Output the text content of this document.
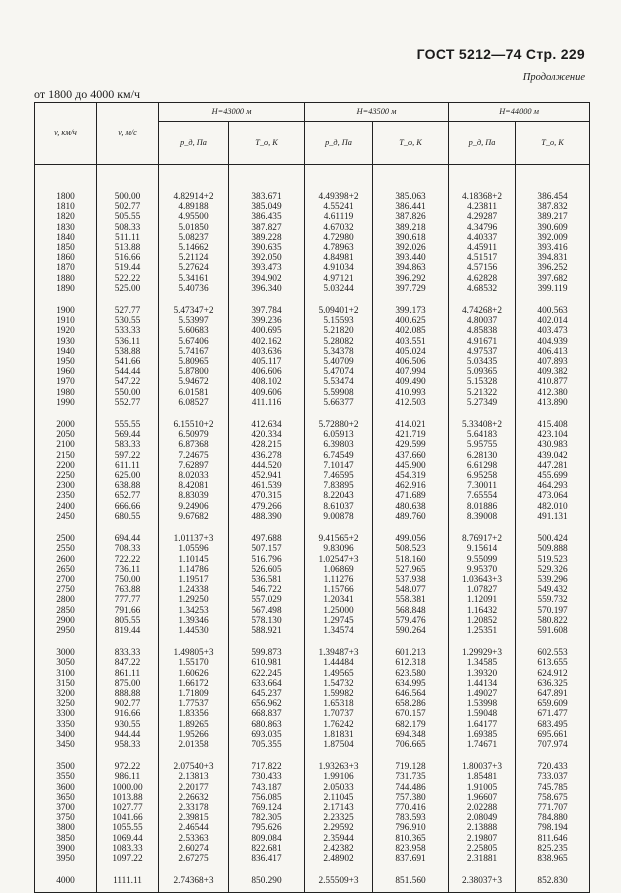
ГОСТ 5212—74 Стр. 229
Продолжение
от 1800 до 4000 км/ч
v, км/ч	v, м/с	H=43000 м		H=43500 м		H=44000 м	
		p_д, Па	T_о, К	p_д, Па	T_о, К	p_д, Па	T_о, К
1800	500.00	4.82914+2	383.671	4.49398+2	385.063	4.18368+2	386.454
1810	502.77	4.89188	385.049	4.55241	386.441	4.23811	387.832
1820	505.55	4.95500	386.435	4.61119	387.826	4.29287	389.217
1830	508.33	5.01850	387.827	4.67032	389.218	4.34796	390.609
1840	511.11	5.08237	389.228	4.72980	390.618	4.40337	392.009
1850	513.88	5.14662	390.635	4.78963	392.026	4.45911	393.416
1860	516.66	5.21124	392.050	4.84981	393.440	4.51517	394.831
1870	519.44	5.27624	393.473	4.91034	394.863	4.57156	396.252
1880	522.22	5.34161	394.902	4.97121	396.292	4.62828	397.682
1890	525.00	5.40736	396.340	5.03244	397.729	4.68532	399.119

1900	527.77	5.47347+2	397.784	5.09401+2	399.173	4.74268+2	400.563
1910	530.55	5.53997	399.236	5.15593	400.625	4.80037	402.014
1920	533.33	5.60683	400.695	5.21820	402.085	4.85838	403.473
1930	536.11	5.67406	402.162	5.28082	403.551	4.91671	404.939
1940	538.88	5.74167	403.636	5.34378	405.024	4.97537	406.413
1950	541.66	5.80965	405.117	5.40709	406.506	5.03435	407.893
1960	544.44	5.87800	406.606	5.47074	407.994	5.09365	409.382
1970	547.22	5.94672	408.102	5.53474	409.490	5.15328	410.877
1980	550.00	6.01581	409.606	5.59908	410.993	5.21322	412.380
1990	552.77	6.08527	411.116	5.66377	412.503	5.27349	413.890

2000	555.55	6.15510+2	412.634	5.72880+2	414.021	5.33408+2	415.408
2050	569.44	6.50979	420.334	6.05913	421.719	5.64183	423.104
2100	583.33	6.87368	428.215	6.39803	429.599	5.95755	430.983
2150	597.22	7.24675	436.278	6.74549	437.660	6.28130	439.042
2200	611.11	7.62897	444.520	7.10147	445.900	6.61298	447.281
2250	625.00	8.02033	452.941	7.46595	454.319	6.95258	455.699
2300	638.88	8.42081	461.539	7.83895	462.916	7.30011	464.293
2350	652.77	8.83039	470.315	8.22043	471.689	7.65554	473.064
2400	666.66	9.24906	479.266	8.61037	480.638	8.01886	482.010
2450	680.55	9.67682	488.390	9.00878	489.760	8.39008	491.131

2500	694.44	1.01137+3	497.688	9.41565+2	499.056	8.76917+2	500.424
2550	708.33	1.05596	507.157	9.83096	508.523	9.15614	509.888
2600	722.22	1.10145	516.796	1.02547+3	518.160	9.55099	519.523
2650	736.11	1.14786	526.605	1.06869	527.965	9.95370	529.326
2700	750.00	1.19517	536.581	1.11276	537.938	1.03643+3	539.296
2750	763.88	1.24338	546.722	1.15766	548.077	1.07827	549.432
2800	777.77	1.29250	557.029	1.20341	558.381	1.12091	559.732
2850	791.66	1.34253	567.498	1.25000	568.848	1.16432	570.197
2900	805.55	1.39346	578.130	1.29745	579.476	1.20852	580.822
2950	819.44	1.44530	588.921	1.34574	590.264	1.25351	591.608

3000	833.33	1.49805+3	599.873	1.39487+3	601.213	1.29929+3	602.553
3050	847.22	1.55170	610.981	1.44484	612.318	1.34585	613.655
3100	861.11	1.60626	622.245	1.49565	623.580	1.39320	624.912
3150	875.00	1.66172	633.664	1.54732	634.995	1.44134	636.325
3200	888.88	1.71809	645.237	1.59982	646.564	1.49027	647.891
3250	902.77	1.77537	656.962	1.65318	658.286	1.53998	659.609
3300	916.66	1.83356	668.837	1.70737	670.157	1.59048	671.477
3350	930.55	1.89265	680.863	1.76242	682.179	1.64177	683.495
3400	944.44	1.95266	693.035	1.81831	694.348	1.69385	695.661
3450	958.33	2.01358	705.355	1.87504	706.665	1.74671	707.974

3500	972.22	2.07540+3	717.822	1.93263+3	719.128	1.80037+3	720.433
3550	986.11	2.13813	730.433	1.99106	731.735	1.85481	733.037
3600	1000.00	2.20177	743.187	2.05033	744.486	1.91005	745.785
3650	1013.88	2.26632	756.085	2.11045	757.380	1.96607	758.675
3700	1027.77	2.33178	769.124	2.17143	770.416	2.02288	771.707
3750	1041.66	2.39815	782.305	2.23325	783.593	2.08049	784.880
3800	1055.55	2.46544	795.626	2.29592	796.910	2.13888	798.194
3850	1069.44	2.53363	809.084	2.35944	810.365	2.19807	811.646
3900	1083.33	2.60274	822.681	2.42382	823.958	2.25805	825.235
3950	1097.22	2.67275	836.417	2.48902	837.691	2.31881	838.965

4000	1111.11	2.74368+3	850.290	2.55509+3	851.560	2.38037+3	852.830
